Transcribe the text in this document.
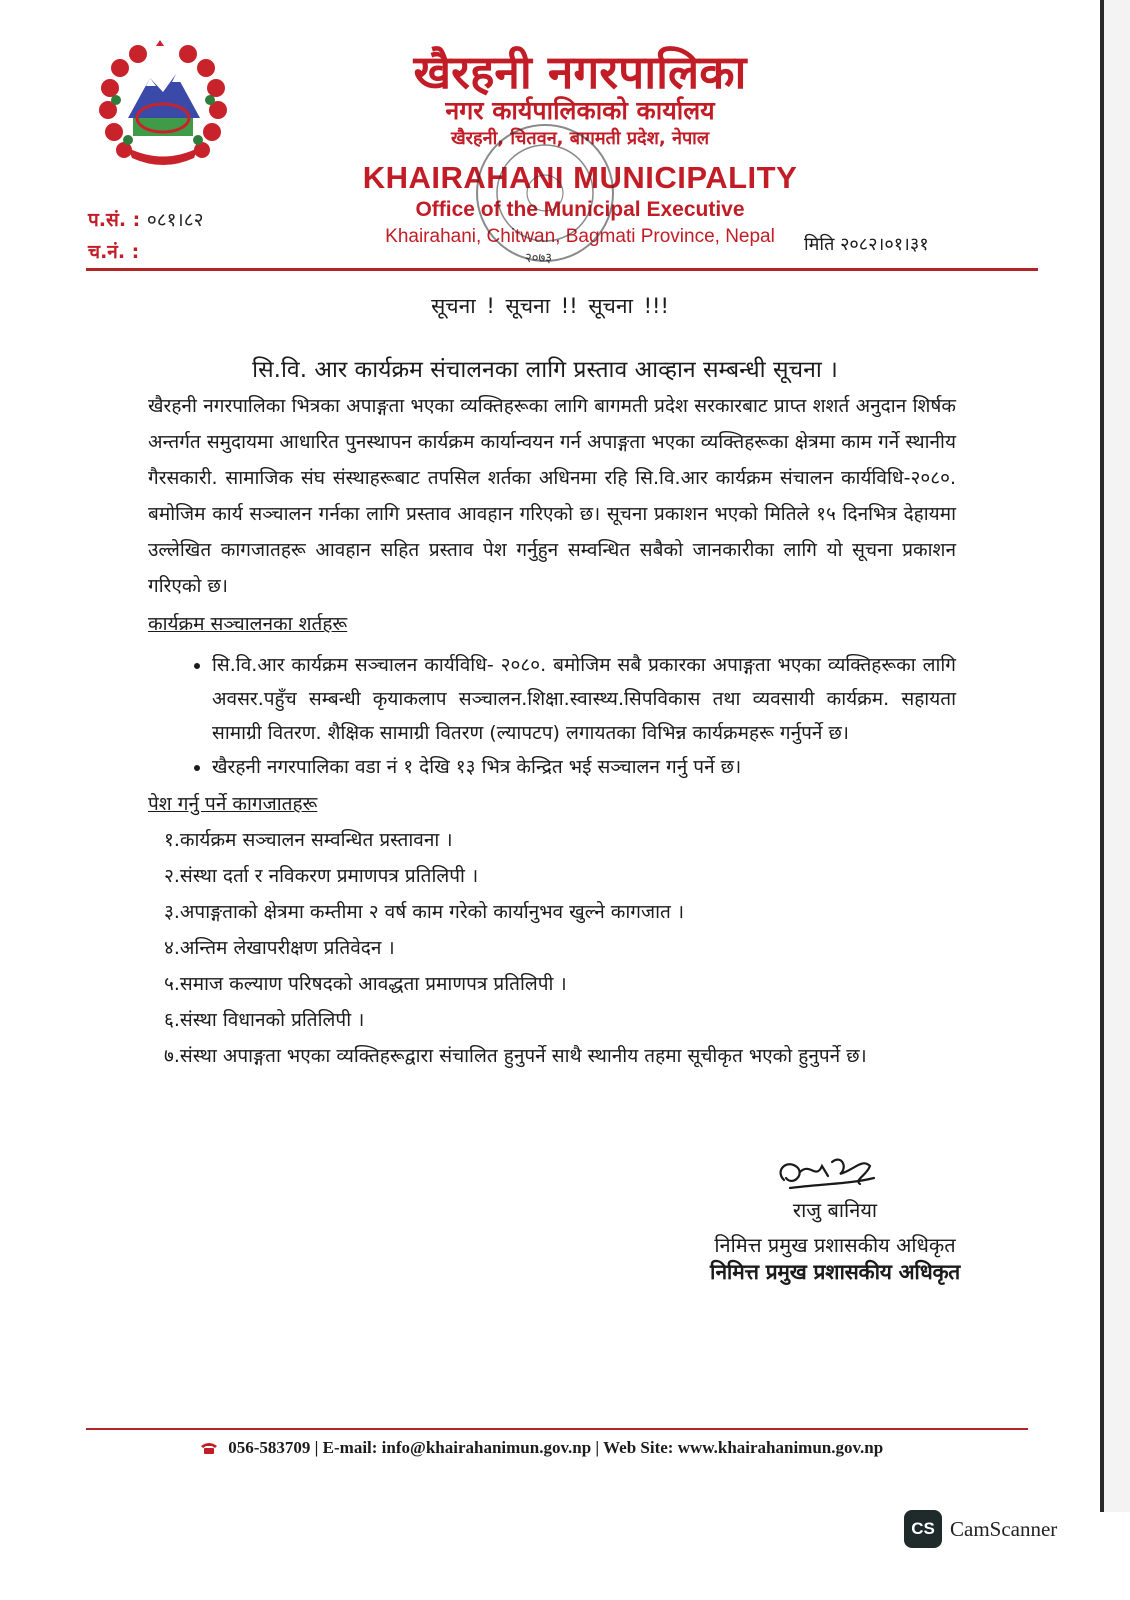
खैरहनी नगरपालिका
नगर कार्यपालिकाको कार्यालय
खैरहनी, चितवन, बागमती प्रदेश, नेपाल
KHAIRAHANI MUNICIPALITY
Office of the Municipal Executive
Khairahani, Chitwan, Bagmati Province, Nepal
२०७३
प.सं. : ०८१।८२
च.नं. :	मिति २०८२।०१।३१
सूचना ! सूचना !! सूचना !!!
सि.वि. आर कार्यक्रम संचालनका लागि प्रस्ताव आव्हान सम्बन्धी सूचना ।

खैरहनी नगरपालिका भित्रका अपाङ्गता भएका व्यक्तिहरूका लागि बागमती प्रदेश सरकारबाट प्राप्त शशर्त अनुदान शिर्षक अन्तर्गत समुदायमा आधारित पुनस्थापन कार्यक्रम कार्यान्वयन गर्न अपाङ्गता भएका व्यक्तिहरूका क्षेत्रमा काम गर्ने स्थानीय गैरसकारी. सामाजिक संघ संस्थाहरूबाट तपसिल शर्तका अधिनमा रहि सि.वि.आर कार्यक्रम संचालन कार्यविधि-२०८०. बमोजिम कार्य सञ्चालन गर्नका लागि प्रस्ताव आवहान गरिएको छ। सूचना प्रकाशन भएको मितिले १५ दिनभित्र देहायमा उल्लेखित कागजातहरू आवहान सहित प्रस्ताव पेश गर्नुहुन सम्वन्धित सबैको जानकारीका लागि यो सूचना प्रकाशन गरिएको छ।

कार्यक्रम सञ्चालनका शर्तहरू
• सि.वि.आर कार्यक्रम सञ्चालन कार्यविधि- २०८०. बमोजिम सबै प्रकारका अपाङ्गता भएका व्यक्तिहरूका लागि अवसर.पहुँच सम्बन्धी कृयाकलाप सञ्चालन.शिक्षा.स्वास्थ्य.सिपविकास तथा व्यवसायी कार्यक्रम. सहायता सामाग्री वितरण. शैक्षिक सामाग्री वितरण (ल्यापटप) लगायतका विभिन्न कार्यक्रमहरू गर्नुपर्ने छ।
• खैरहनी नगरपालिका वडा नं १ देखि १३ भित्र केन्द्रित भई सञ्चालन गर्नु पर्ने छ।
पेश गर्नु पर्ने कागजातहरू
१.कार्यक्रम सञ्चालन सम्वन्धित प्रस्तावना ।
२.संस्था दर्ता र नविकरण प्रमाणपत्र प्रतिलिपी ।
३.अपाङ्गताको क्षेत्रमा कम्तीमा २ वर्ष काम गरेको कार्यानुभव खुल्ने कागजात ।
४.अन्तिम लेखापरीक्षण प्रतिवेदन ।
५.समाज कल्याण परिषदको आवद्धता प्रमाणपत्र प्रतिलिपी ।
६.संस्था विधानको प्रतिलिपी ।
७.संस्था अपाङ्गता भएका व्यक्तिहरूद्वारा संचालित हुनुपर्ने साथै स्थानीय तहमा सूचीकृत भएको हुनुपर्ने छ।
राजु बानिया
निमित्त प्रमुख प्रशासकीय अधिकृत
निमित्त प्रमुख प्रशासकीय अधिकृत
056-583709 | E-mail: info@khairahanimun.gov.np | Web Site: www.khairahanimun.gov.np
CS CamScanner
